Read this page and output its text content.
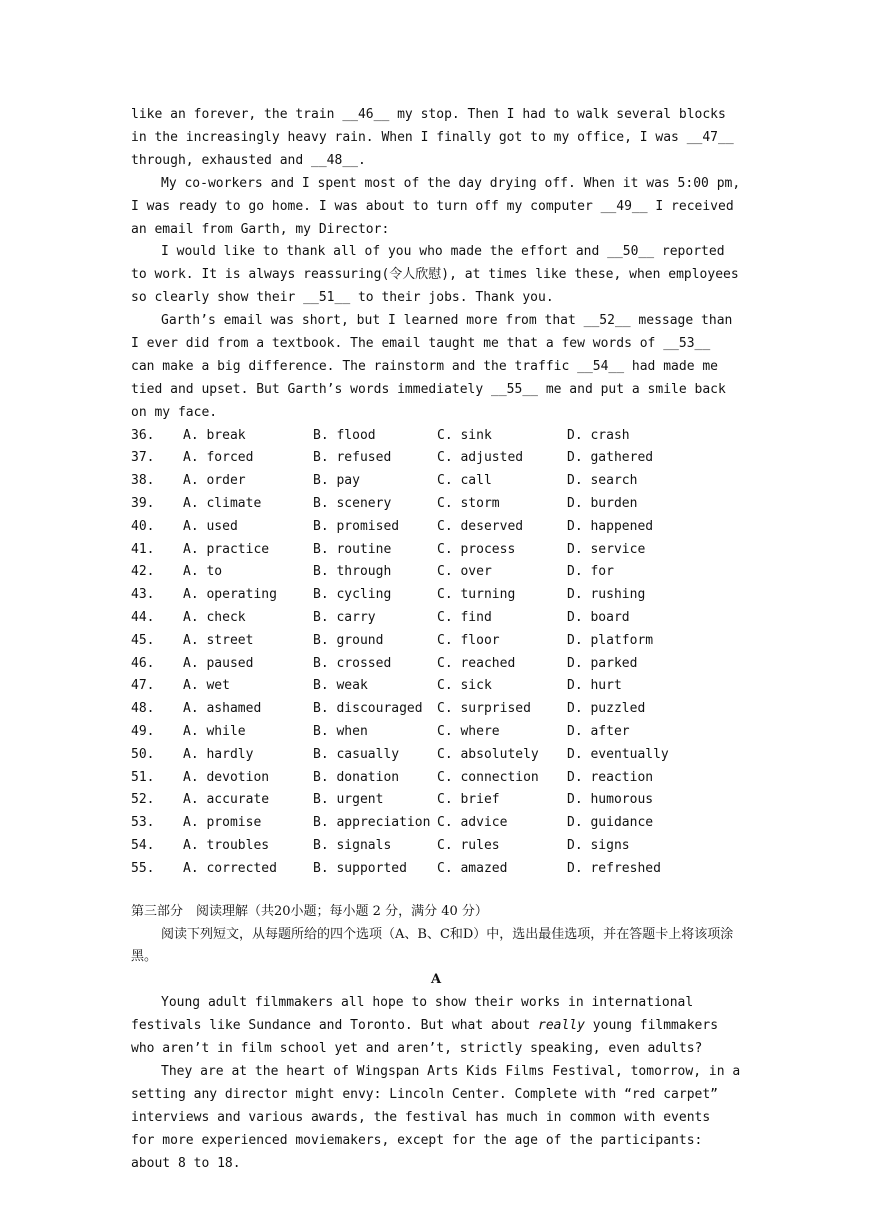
like an forever, the train __46__ my stop. Then I had to walk several blocks in the increasingly heavy rain. When I finally got to my office, I was __47__ through, exhausted and __48__.

My co-workers and I spent most of the day drying off. When it was 5:00 pm, I was ready to go home. I was about to turn off my computer __49__ I received an email from Garth, my Director:

I would like to thank all of you who made the effort and __50__ reported to work. It is always reassuring(令人欣慰), at times like these, when employees so clearly show their __51__ to their jobs. Thank you.

Garth’s email was short, but I learned more from that __52__ message than I ever did from a textbook. The email taught me that a few words of __53__ can make a big difference. The rainstorm and the traffic __54__ had made me tied and upset. But Garth’s words immediately __55__ me and put a smile back on my face.

36.	A. break	B. flood	C. sink	D. crash
37.	A. forced	B. refused	C. adjusted	D. gathered
38.	A. order	B. pay	C. call	D. search
39.	A. climate	B. scenery	C. storm	D. burden
40.	A. used	B. promised	C. deserved	D. happened
41.	A. practice	B. routine	C. process	D. service
42.	A. to	B. through	C. over	D. for
43.	A. operating	B. cycling	C. turning	D. rushing
44.	A. check	B. carry	C. find	D. board
45.	A. street	B. ground	C. floor	D. platform
46.	A. paused	B. crossed	C. reached	D. parked
47.	A. wet	B. weak	C. sick	D. hurt
48.	A. ashamed	B. discouraged	C. surprised	D. puzzled
49.	A. while	B. when	C. where	D. after
50.	A. hardly	B. casually	C. absolutely	D. eventually
51.	A. devotion	B. donation	C. connection	D. reaction
52.	A. accurate	B. urgent	C. brief	D. humorous
53.	A. promise	B. appreciation C. advice	D. guidance
54.	A. troubles	B. signals	C. rules	D. signs
55.	A. corrected	B. supported	C. amazed	D. refreshed

第三部分　阅读理解（共20小题；每小题 2 分，满分 40 分）

阅读下列短文，从每题所给的四个选项（A、B、C和D）中，选出最佳选项，并在答题卡上将该项涂黑。

A

Young adult filmmakers all hope to show their works in international festivals like Sundance and Toronto. But what about really young filmmakers who aren’t in film school yet and aren’t, strictly speaking, even adults?

They are at the heart of Wingspan Arts Kids Films Festival, tomorrow, in a setting any director might envy: Lincoln Center. Complete with “red carpet” interviews and various awards, the festival has much in common with events for more experienced moviemakers, except for the age of the participants: about 8 to 18.
